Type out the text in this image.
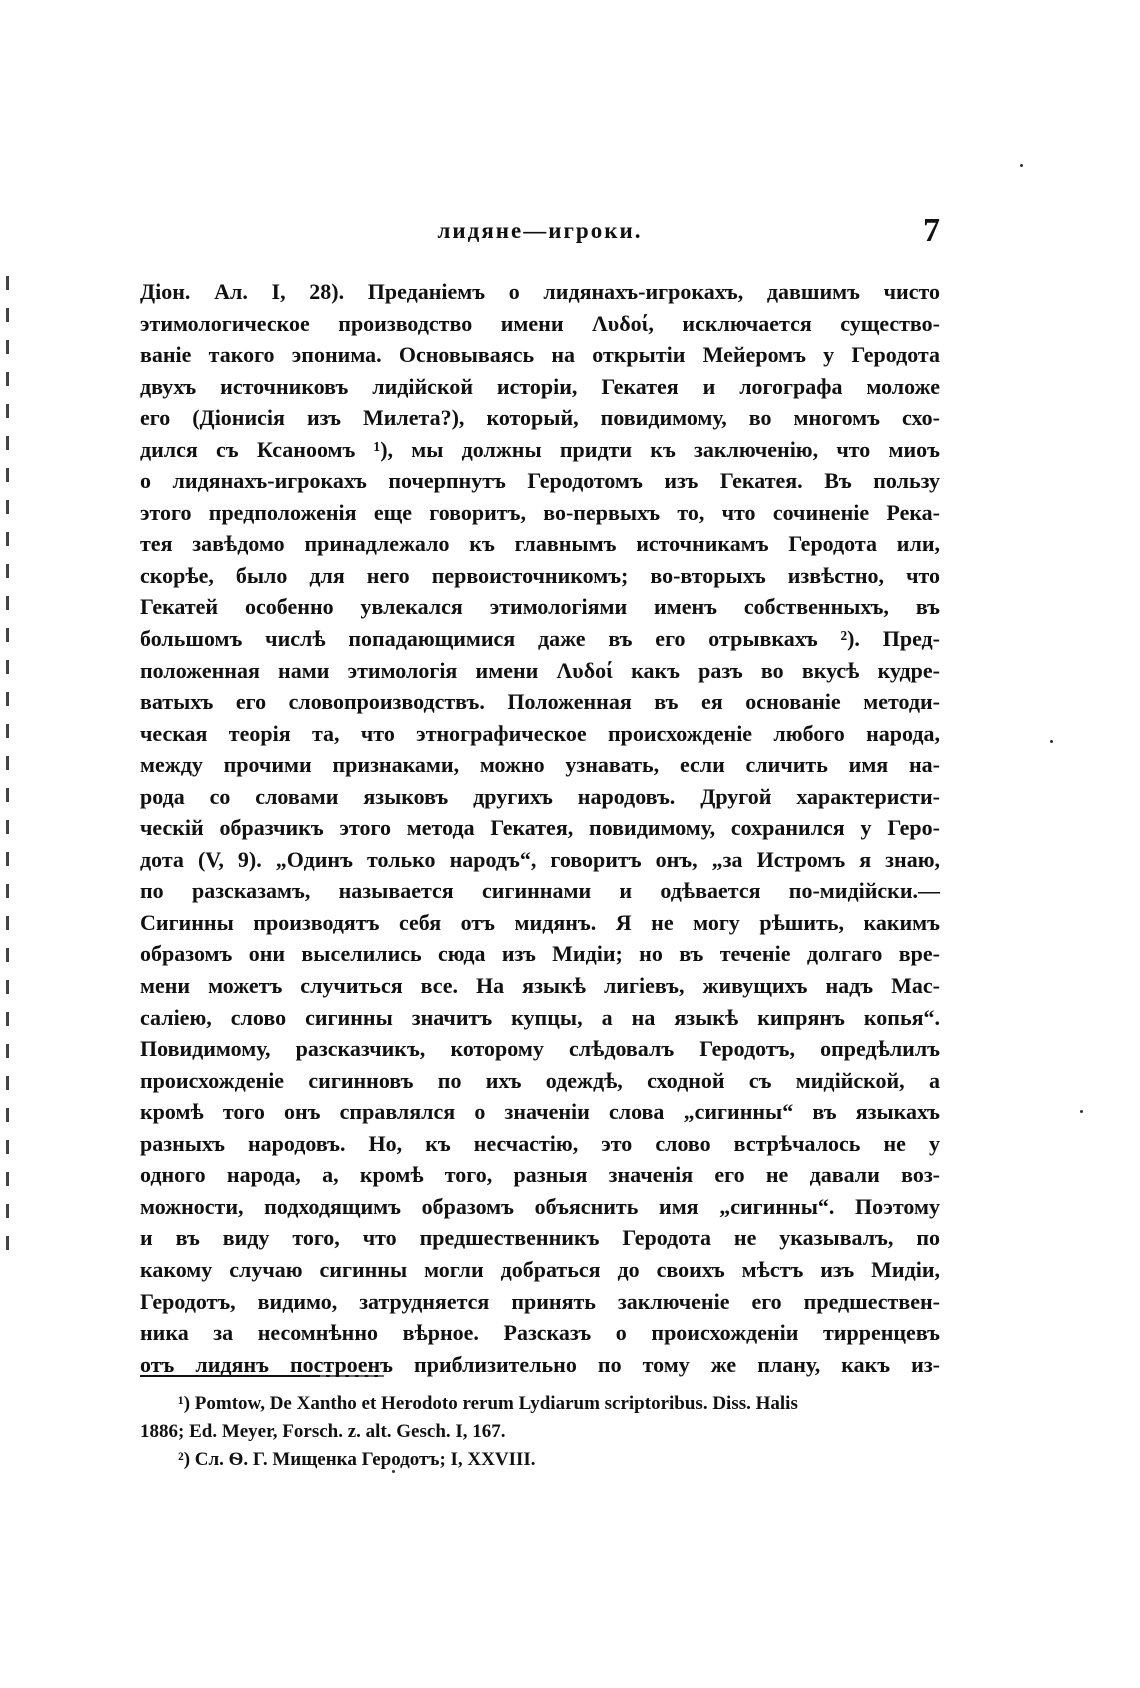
лидяне—игроки.	7
Діон. Ал. I, 28). Преданіемъ о лидянахъ-игрокахъ, давшимъ чисто
этимологическое производство имени Λυδοί, исключается существо-
ваніе такого эпонима. Основываясь на открытіи Мейеромъ у Геродота
двухъ источниковъ лидійской исторіи, Гекатея и логографа моложе
его (Діонисія изъ Милета?), который, повидимому, во многомъ схо-
дился съ Ксаноомъ ¹), мы должны придти къ заключенію, что миоъ
о лидянахъ-игрокахъ почерпнутъ Геродотомъ изъ Гекатея. Въ пользу
этого предположенія еще говоритъ, во-первыхъ то, что сочиненіе Река-
тея завѣдомо принадлежало къ главнымъ источникамъ Геродота или,
скорѣе, было для него первоисточникомъ; во-вторыхъ извѣстно, что
Гекатей особенно увлекался этимологіями именъ собственныхъ, въ
большомъ числѣ попадающимися даже въ его отрывкахъ ²). Пред-
положенная нами этимологія имени Λυδοί какъ разъ во вкусѣ кудре-
ватыхъ его словопроизводствъ. Положенная въ ея основаніе методи-
ческая теорія та, что этнографическое происхожденіе любого народа,
между прочими признаками, можно узнавать, если сличить имя на-
рода со словами языковъ другихъ народовъ. Другой характеристи-
ческій образчикъ этого метода Гекатея, повидимому, сохранился у Геро-
дота (V, 9). „Одинъ только народъ“, говоритъ онъ, „за Истромъ я знаю,
по разсказамъ, называется сигиннами и одѣвается по-мидійски.—
Сигинны производятъ себя отъ мидянъ. Я не могу рѣшить, какимъ
образомъ они выселились сюда изъ Мидіи; но въ теченіе долгаго вре-
мени можетъ случиться все. На языкѣ лигіевъ, живущихъ надъ Мас-
саліею, слово сигинны значитъ купцы, а на языкѣ кипрянъ копья“.
Повидимому, разсказчикъ, которому слѣдовалъ Геродотъ, опредѣлилъ
происхожденіе сигинновъ по ихъ одеждѣ, сходной съ мидійской, а
кромѣ того онъ справлялся о значеніи слова „сигинны“ въ языкахъ
разныхъ народовъ. Но, къ несчастію, это слово встрѣчалось не у
одного народа, а, кромѣ того, разныя значенія его не давали воз-
можности, подходящимъ образомъ объяснить имя „сигинны“. Поэтому
и въ виду того, что предшественникъ Геродота не указывалъ, по
какому случаю сигинны могли добраться до своихъ мѣстъ изъ Мидіи,
Геродотъ, видимо, затрудняется принять заключеніе его предшествен-
ника за несомнѣнно вѣрное. Разсказъ о происхожденіи тирренцевъ
отъ лидянъ построенъ приблизительно по тому же плану, какъ из-
¹) Pomtow, De Xantho et Herodoto rerum Lydiarum scriptoribus. Diss. Halis
1886; Ed. Meyer, Forsch. z. alt. Gesch. I, 167.
²) Сл. Ѳ. Г. Мищенка Геродотъ; I, XXVIII.
